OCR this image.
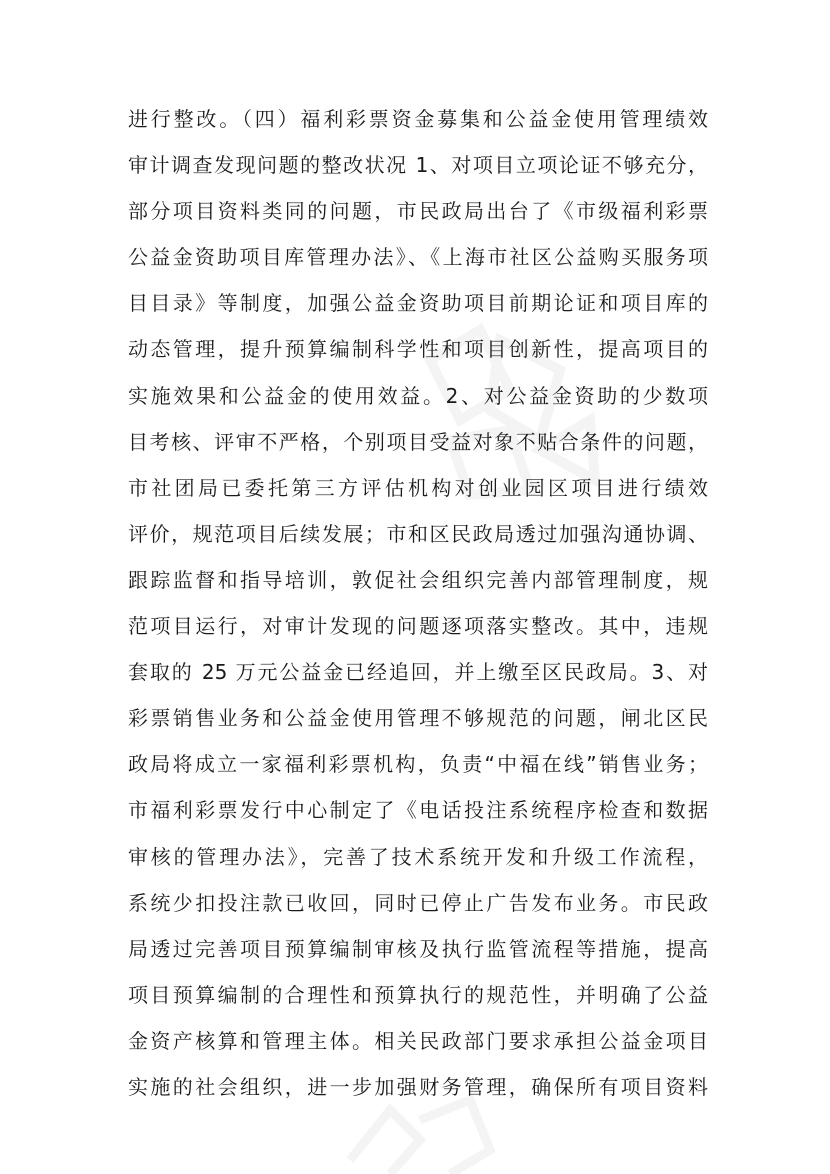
进行整改。（四）福利彩票资金募集和公益金使用管理绩效
审计调查发现问题的整改状况 1、对项目立项论证不够充分，
部分项目资料类同的问题，市民政局出台了《市级福利彩票
公益金资助项目库管理办法》、《上海市社区公益购买服务项
目目录》等制度，加强公益金资助项目前期论证和项目库的
动态管理，提升预算编制科学性和项目创新性，提高项目的
实施效果和公益金的使用效益。2、对公益金资助的少数项
目考核、评审不严格，个别项目受益对象不贴合条件的问题，
市社团局已委托第三方评估机构对创业园区项目进行绩效
评价，规范项目后续发展；市和区民政局透过加强沟通协调、
跟踪监督和指导培训，敦促社会组织完善内部管理制度，规
范项目运行，对审计发现的问题逐项落实整改。其中，违规
套取的 25 万元公益金已经追回，并上缴至区民政局。3、对
彩票销售业务和公益金使用管理不够规范的问题，闸北区民
政局将成立一家福利彩票机构，负责“中福在线”销售业务；
市福利彩票发行中心制定了《电话投注系统程序检查和数据
审核的管理办法》，完善了技术系统开发和升级工作流程，
系统少扣投注款已收回，同时已停止广告发布业务。市民政
局透过完善项目预算编制审核及执行监管流程等措施，提高
项目预算编制的合理性和预算执行的规范性，并明确了公益
金资产核算和管理主体。相关民政部门要求承担公益金项目
实施的社会组织，进一步加强财务管理，确保所有项目资料
